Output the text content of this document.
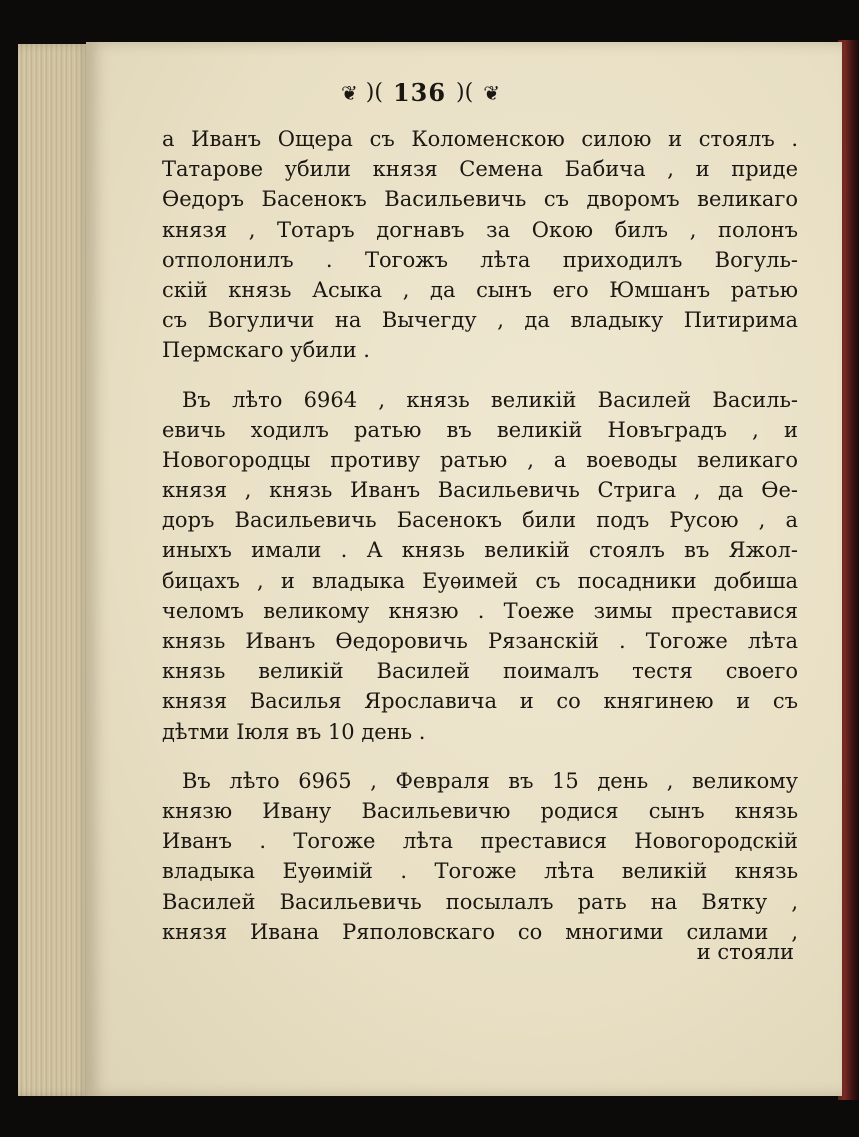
❦ )( 136 )( ❦
а Иванъ Ощера съ Коломенскою силою и стоялъ .
Татарове убили князя Семена Бабича , и приде
Ѳедоръ Басенокъ Васильевичь съ дворомъ великаго
князя , Тотаръ догнавъ за Окою билъ , полонъ
отполонилъ . Тогожъ лѣта приходилъ Вогуль-
скій князь Асыка , да сынъ его Юмшанъ ратью
съ Вогуличи на Вычегду , да владыку Питирима
Пермскаго убили .
Въ лѣто 6964 , князь великій Василей Василь-
евичь ходилъ ратью въ великій Новъградъ , и
Новогородцы противу ратью , а воеводы великаго
князя , князь Иванъ Васильевичь Стрига , да Ѳе-
доръ Васильевичь Басенокъ били подъ Русою , а
иныхъ имали . А князь великій стоялъ въ Яжол-
бицахъ , и владыка Еуѳимей съ посадники добиша
челомъ великому князю . Тоеже зимы преставися
князь Иванъ Ѳедоровичь Рязанскій . Тогоже лѣта
князь великій Василей поималъ тестя своего
князя Василья Ярославича и со княгинею и съ
дѣтми Іюля въ 10 день .
Въ лѣто 6965 , Февраля въ 15 день , великому
князю Ивану Васильевичю родися сынъ князь
Иванъ . Тогоже лѣта преставися Новогородскій
владыка Еуѳимій . Тогоже лѣта великій князь
Василей Васильевичь посылалъ рать на Вятку ,
князя Ивана Ряполовскаго со многими силами ,
и стояли
